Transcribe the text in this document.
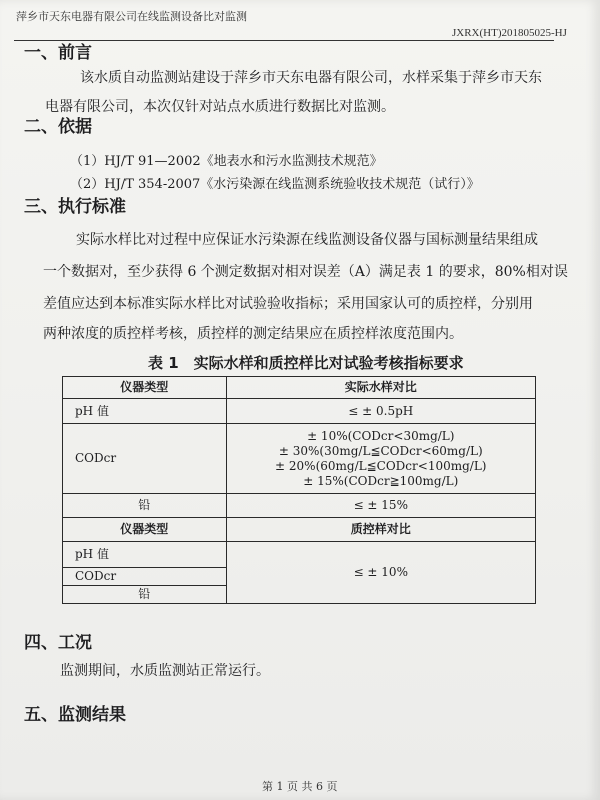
萍乡市天东电器有限公司在线监测设备比对监测
JXRX(HT)201805025-HJ
一、前言
该水质自动监测站建设于萍乡市天东电器有限公司，水样采集于萍乡市天东
电器有限公司，本次仅针对站点水质进行数据比对监测。
二、依据
（1）HJ/T 91—2002《地表水和污水监测技术规范》
（2）HJ/T 354-2007《水污染源在线监测系统验收技术规范（试行）》
三、执行标准
实际水样比对过程中应保证水污染源在线监测设备仪器与国标测量结果组成
一个数据对，至少获得 6 个测定数据对相对误差（A）满足表 1 的要求，80%相对误
差值应达到本标准实际水样比对试验验收指标；采用国家认可的质控样，分别用
两种浓度的质控样考核，质控样的测定结果应在质控样浓度范围内。
表 1　实际水样和质控样比对试验考核指标要求
仪器类型	实际水样对比
pH 值	≤ ± 0.5pH
CODcr	± 10%(CODcr<30mg/L)
± 30%(30mg/L≦CODcr<60mg/L)
± 20%(60mg/L≦CODcr<100mg/L)
± 15%(CODcr≧100mg/L)

铅	≤ ± 15%
仪器类型	质控样对比
pH 值	≤ ± 10%
CODcr	
铅	
四、工况
监测期间，水质监测站正常运行。
五、监测结果
第 1 页 共 6 页
